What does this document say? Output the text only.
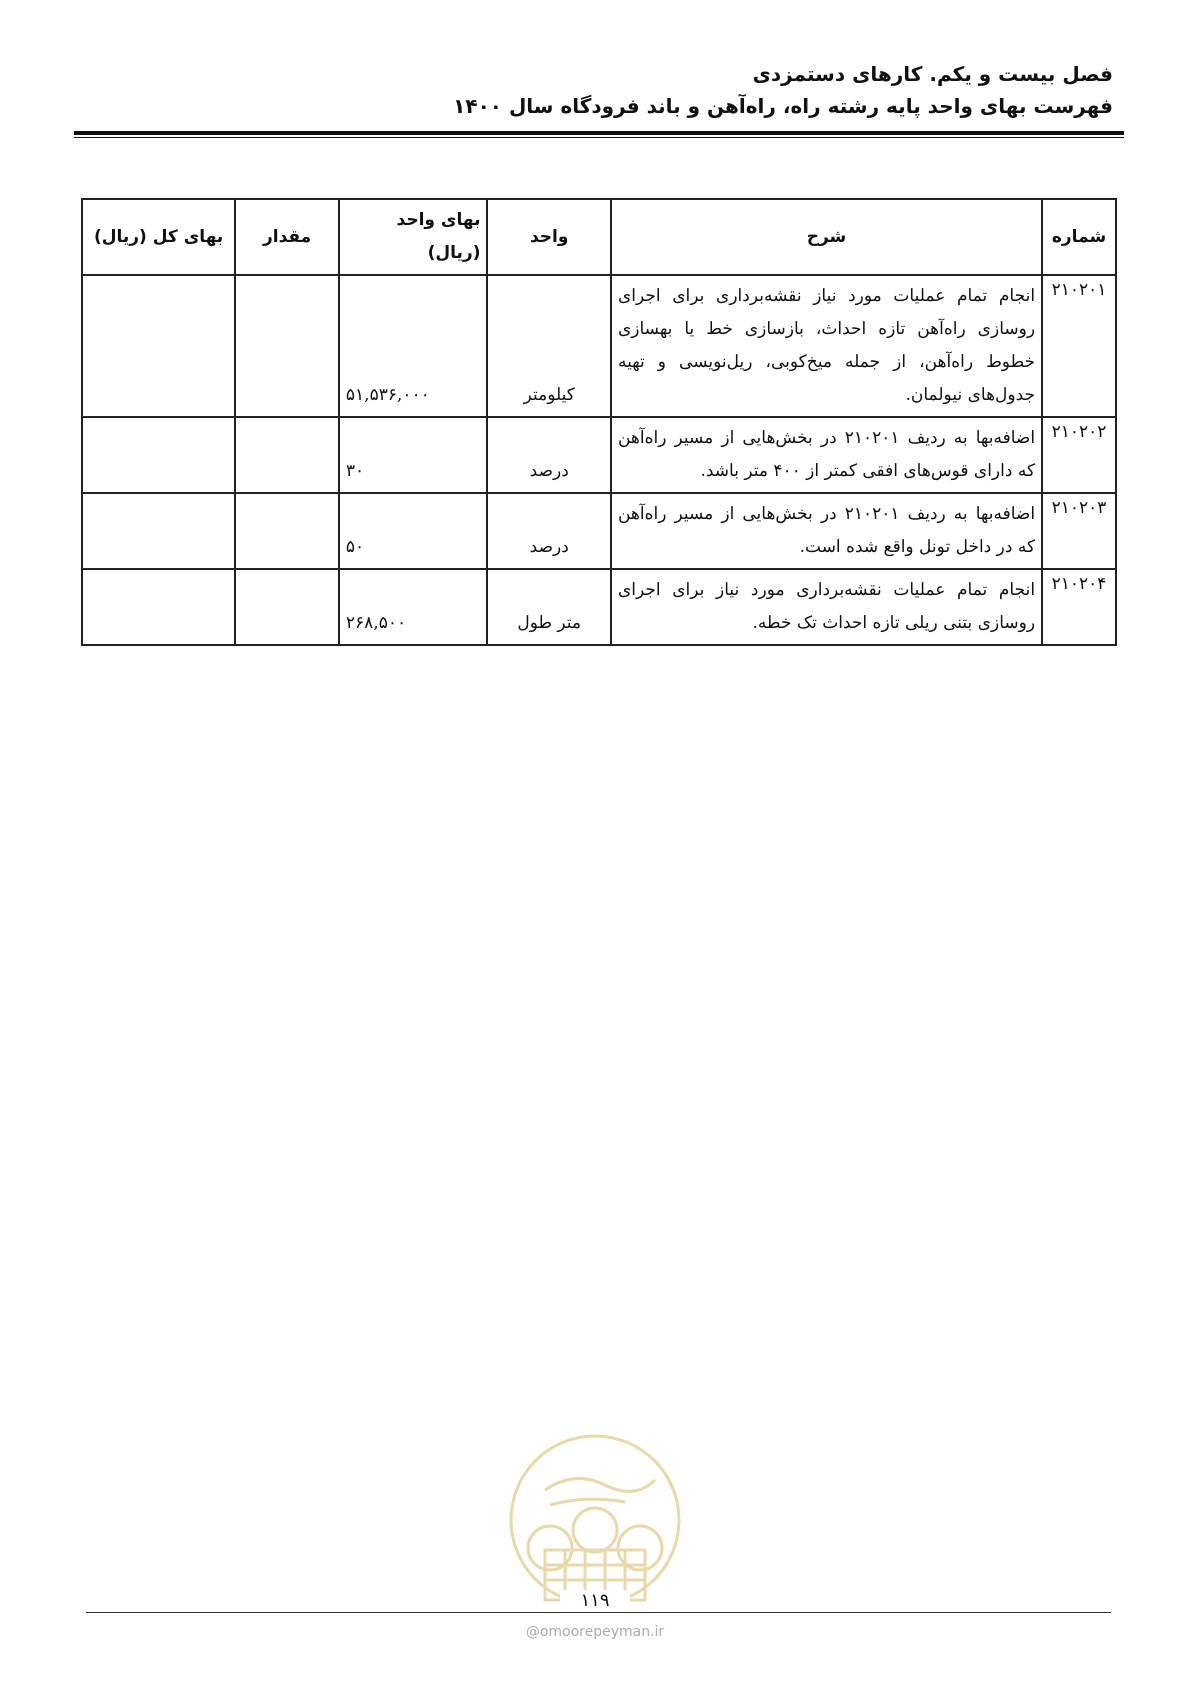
فصل بیست و یکم. کارهای دستمزدی
فهرست بهای واحد پایه رشته راه، راه‌آهن و باند فرودگاه سال ۱۴۰۰
شماره	شرح	واحد	بهای واحد (ریال)	مقدار	بهای کل (ریال)
۲۱۰۲۰۱	انجام تمام عملیات مورد نیاز نقشه‌برداری برای اجرای روسازی راه‌آهن تازه احداث، بازسازی خط یا بهسازی خطوط راه‌آهن، از جمله میخ‌کوبی، ریل‌نویسی و تهیه جدول‌های نیولمان.	کیلومتر	۵۱,۵۳۶,۰۰۰		
۲۱۰۲۰۲	اضافه‌بها به ردیف ۲۱۰۲۰۱ در بخش‌هایی از مسیر راه‌آهن که دارای قوس‌های افقی کمتر از ۴۰۰ متر باشد.	درصد	۳۰		
۲۱۰۲۰۳	اضافه‌بها به ردیف ۲۱۰۲۰۱ در بخش‌هایی از مسیر راه‌آهن که در داخل تونل واقع شده است.	درصد	۵۰		
۲۱۰۲۰۴	انجام تمام عملیات نقشه‌برداری مورد نیاز برای اجرای روسازی بتنی ریلی تازه احداث تک خطه.	متر طول	۲۶۸,۵۰۰		
۱۱۹
@omoorepeyman.ir
